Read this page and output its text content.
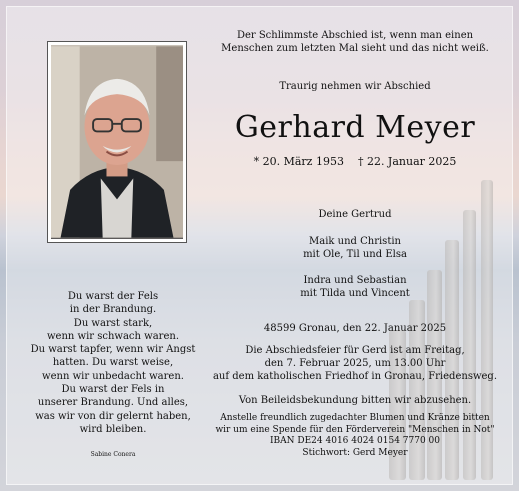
Der Schlimmste Abschied ist, wenn man einen
Menschen zum letzten Mal sieht und das nicht weiß.
Traurig nehmen wir Abschied
Gerhard Meyer
* 20. März 1953    † 22. Januar 2025
Deine Gertrud
Maik und Christin
mit Ole, Til und Elsa
Indra und Sebastian
mit Tilda und Vincent
Du warst der Fels
in der Brandung.
Du warst stark,
wenn wir schwach waren.
Du warst tapfer, wenn wir Angst
hatten. Du warst weise,
wenn wir unbedacht waren.
Du warst der Fels in
unserer Brandung. Und alles,
was wir von dir gelernt haben,
wird bleiben.
Sabine Conera
48599 Gronau, den 22. Januar 2025
Die Abschiedsfeier für Gerd ist am Freitag,
den 7. Februar 2025, um 13.00 Uhr
auf dem katholischen Friedhof in Gronau, Friedensweg.
Von Beileidsbekundung bitten wir abzusehen.
Anstelle freundlich zugedachter Blumen und Kränze bitten
wir um eine Spende für den Förderverein "Menschen in Not"
IBAN DE24 4016 4024 0154 7770 00
Stichwort: Gerd Meyer
